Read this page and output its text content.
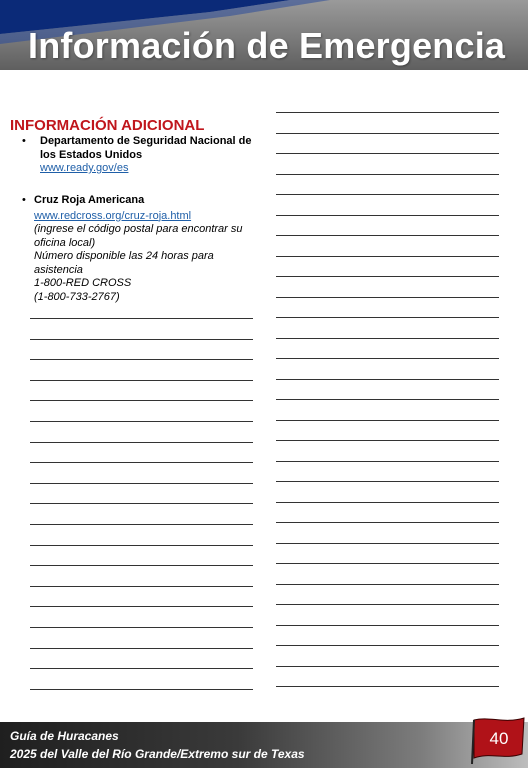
Información de Emergencia
INFORMACIÓN ADICIONAL
• Departamento de Seguridad Nacional de los Estados Unidos
www.ready.gov/es
• Cruz Roja Americana
www.redcross.org/cruz-roja.html
(ingrese el código postal para encontrar su oficina local)
Número disponible las 24 horas para asistencia
1-800-RED CROSS
(1-800-733-2767)
Guía de Huracanes
2025 del Valle del Río Grande/Extremo sur de Texas
40
